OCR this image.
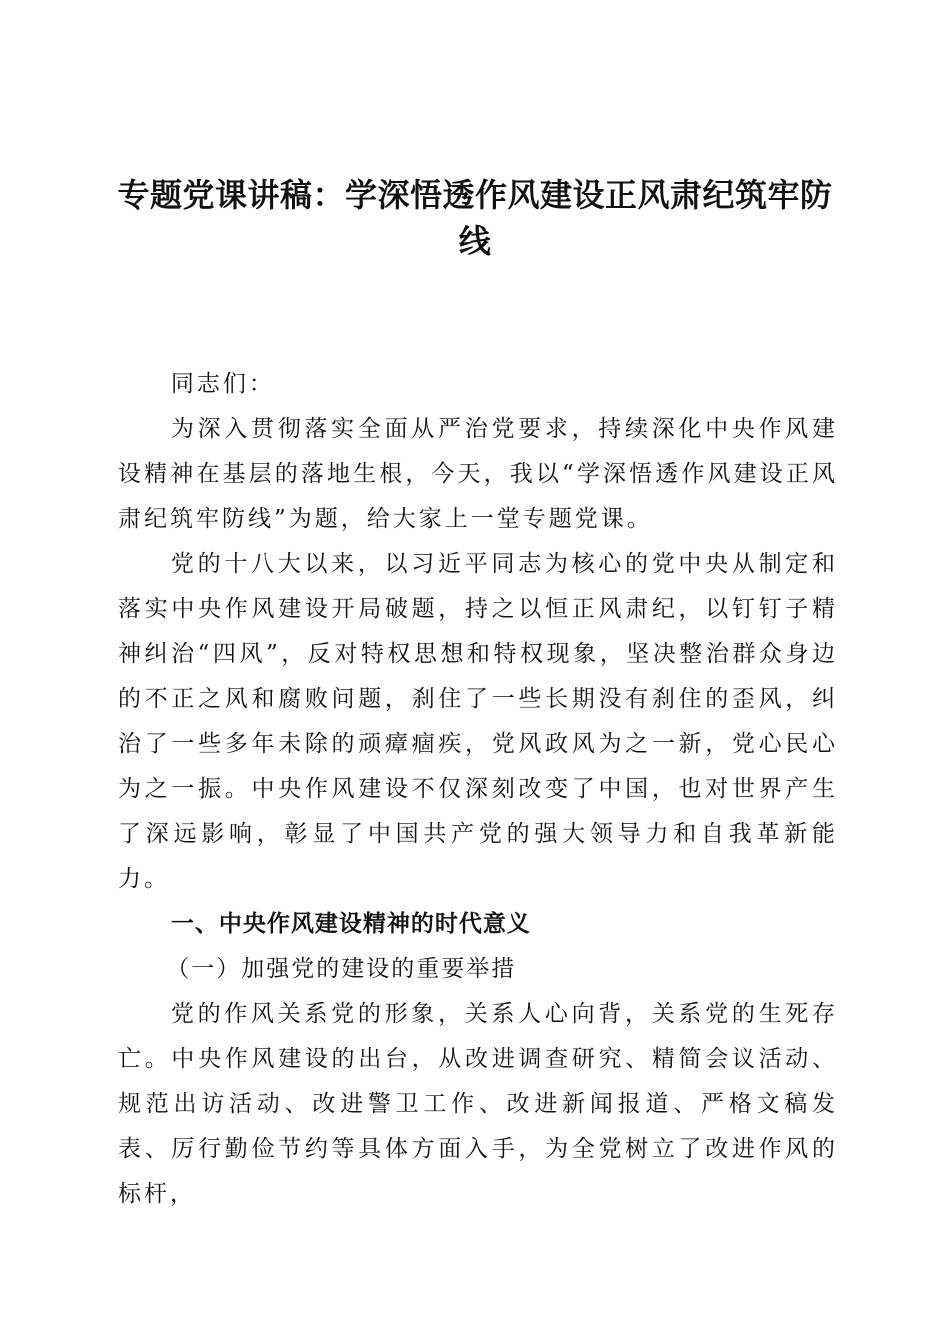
专题党课讲稿：学深悟透作风建设正风肃纪筑牢防线

同志们：

为深入贯彻落实全面从严治党要求，持续深化中央作风建设精神在基层的落地生根，今天，我以“学深悟透作风建设正风肃纪筑牢防线”为题，给大家上一堂专题党课。

党的十八大以来，以习近平同志为核心的党中央从制定和落实中央作风建设开局破题，持之以恒正风肃纪，以钉钉子精神纠治“四风”，反对特权思想和特权现象，坚决整治群众身边的不正之风和腐败问题，刹住了一些长期没有刹住的歪风，纠治了一些多年未除的顽瘴痼疾，党风政风为之一新，党心民心为之一振。中央作风建设不仅深刻改变了中国，也对世界产生了深远影响，彰显了中国共产党的强大领导力和自我革新能力。

一、中央作风建设精神的时代意义

（一）加强党的建设的重要举措

党的作风关系党的形象，关系人心向背，关系党的生死存亡。中央作风建设的出台，从改进调查研究、精简会议活动、规范出访活动、改进警卫工作、改进新闻报道、严格文稿发表、厉行勤俭节约等具体方面入手，为全党树立了改进作风的标杆，
